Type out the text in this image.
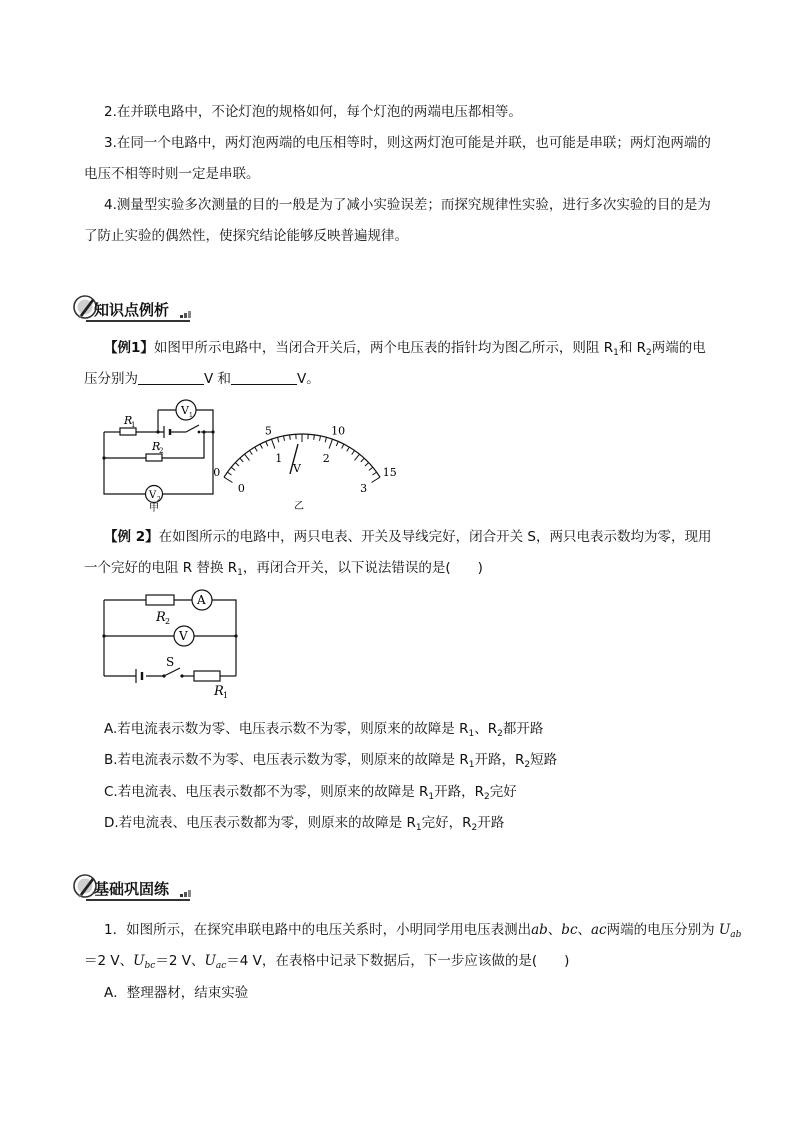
2.在并联电路中，不论灯泡的规格如何，每个灯泡的两端电压都相等。
3.在同一个电路中，两灯泡两端的电压相等时，则这两灯泡可能是并联，也可能是串联；两灯泡两端的电压不相等时则一定是串联。
4.测量型实验多次测量的目的一般是为了减小实验误差；而探究规律性实验，进行多次实验的目的是为了防止实验的偶然性，使探究结论能够反映普遍规律。
知识点例析
【例1】如图甲所示电路中，当闭合开关后，两个电压表的指针均为图乙所示，则阻 $R_1$和 $R_2$两端的电
压分别为	V 和	V。
R
1
R
2
V 1
V 2
甲
0
5	10
15
0
1	2
3
V
乙
【例 2】在如图所示的电路中，两只电表、开关及导线完好，闭合开关 S，两只电表示数均为零，现用
一个完好的电阻 R 替换 $R_1$，再闭合开关，以下说法错误的是(　　)
A
V
R 2
S
R 1
A.若电流表示数为零、电压表示数不为零，则原来的故障是 $R_1$、$R_2$都开路
B.若电流表示数不为零、电压表示数为零，则原来的故障是 $R_1$开路，$R_2$短路
C.若电流表、电压表示数都不为零，则原来的故障是 $R_1$开路，$R_2$完好
D.若电流表、电压表示数都为零，则原来的故障是 $R_1$完好，$R_2$开路
基础巩固练
1．如图所示，在探究串联电路中的电压关系时，小明同学用电压表测出ab、bc、ac两端的电压分别为 $U_{ab}$
＝2 V、$U_{bc}=2$ V、$U_{ac}=4$ V，在表格中记录下数据后，下一步应该做的是(　　)
A．整理器材，结束实验
